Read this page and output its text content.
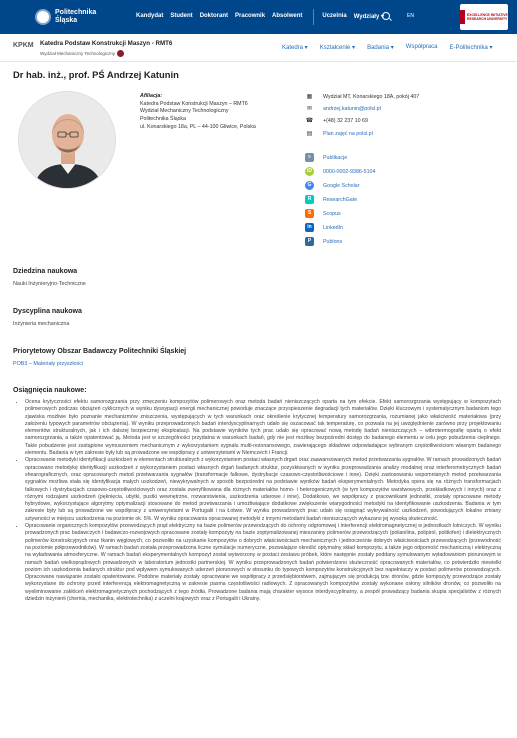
Politechnika
Śląska
Kandydat Student Doktorant Pracownik Absolwent	Uczelnia Wydziały ▾	EN	EXCELLENCE INITIATIVE RESEARCH UNIVERSITY
KPKM Katedra Podstaw Konstrukcji Maszyn - RMT6
Wydział Mechaniczny Technologiczny
Katedra ▾ Kształcenie ▾ Badania ▾ Współpraca E-Politechnika ▾
Dr hab. inż., prof. PŚ Andrzej Katunin
Afiliacja:
Katedra Podstaw Konstrukcji Maszyn – RMT6
Wydział Mechaniczny Technologiczny
Politechnika Śląska
ul. Konarskiego 18a, PL – 44-100 Gliwice, Polska
▦	Wydział MT, Konarskiego 18A, pokój 407
✉	andrzej.katunin@polsl.pl
☎ +(48) 32 237 10 69
▤	Plan zajęć na polsl.pl
≡	Publikacje
iD	0000-0002-9386-5104
G	Google Scholar
R	ResearchGate
S	Scopus
in	LinkedIn
P	Publons
Dziedzina naukowa
Nauki Inżynieryjno-Techniczne
Dyscyplina naukowa
Inżynieria mechaniczna
Priorytetowy Obszar Badawczy Politechniki Śląskiej
POB3 – Materiały przyszłości
Osiągnięcia naukowe:
• Ocena krytyczności efektu samorozgrzania przy zmęczeniu kompozytów polimerowych oraz metoda badań nieniszczących oparta na tym efekcie. Efekt samorozgrzania występujący w kompozytach polimerowych podczas obciążeń cyklicznych w wyniku dyssypacji energii mechanicznej powoduje znaczące przyspieszenie degradacji tych materiałów. Dzięki kluczowym i systematycznym badaniom tego zjawiska możliwe było poznanie mechanizmów zniszczenia, występujących w tych warunkach oraz określenie krytycznej temperatury samorozgrzania, rozumianej jako właściwość materiałowa (przy założeniu typowych parametrów obciążenia). W wyniku przeprowadzonych badań interdyscyplinarnych udało się oszacować tak temperaturę, co pozwala na jej uwzględnienie zarówno przy projektowaniu elementów strukturalnych, jak i ich dalszej bezpiecznej eksploatacji. Na podstawie wyników tych prac udało się opracować nową metodę badań nieniszczących – wibrotermografię opartą o efekt samorozgrzania, a także opatentować ją. Metoda jest w szczególności przydatna w warunkach badań, gdy nie jest możliwy bezpośredni dostęp do badanego elementu w celu jego pobudzenia cieplnego. Takie pobudzenie jest zastąpione wymuszeniem mechanicznym z wykorzystaniem sygnału multi-rezonansowego, zawierającego składowe odpowiadające wybranym częstotliwościom własnym badanego elementu. Badania w tym zakresie były lub są prowadzone we współpracy z uniwersytetami w Niemczech i Francji.
• Opracowanie metodyki identyfikacji uszkodzeń w elementach strukturalnych z wykorzystaniem postaci własnych drgań oraz zaawansowanych metod przetwarzania sygnałów. W ramach prowadzonych badań opracowano metodykę identyfikacji uszkodzeń z wykorzystaniem postaci własnych drgań badanych struktur, pozyskiwanych w wyniku przeprowadzania analizy modalnej oraz interferometrycznych badań shearograficznych, oraz opracowanych metod przetwarzania sygnałów (transformacje falkowe, dystrybucje czasowo-częstotliwościowe i inne). Dzięki zastosowaniu wspomnianych metod przetwarzania sygnałów możliwa stała się identyfikacja małych uszkodzeń, niewykrywalnych w sposób bezpośredni na podstawie wyników badań eksperymentalnych. Metodyka opera się na różnych transformacjach falkowych i dystrybucjach czasowo-częstotliwościowych oraz została zweryfikowana dla różnych materiałów homo- i heterogenicznych (w tym kompozytów warstwowych, przekładkowych i innych) oraz z różnymi rodzajami uszkodzeń (pęknięcia, ubytki, pustki wewnętrzne, rozwarstwienia, uszkodzenia udarowe i inne). Dodatkowo, we współpracy z pracownikami jednostki, zostały opracowane metody hybrydowe, wykorzystujące algorytmy optymalizacji stosowane do metod przetwarzania i umożliwiające dodatkowe zwiększenie wiarygodności metodyki na identyfikowanie uszkodzenia. Badania w tym zakresie były lub są prowadzone we współpracy z uniwersytetami w Portugalii i na Łotwie. W wyniku prowadzonych prac udało się osiągnąć wykrywalność uszkodzeń, powodujących lokalne zmiany sztywności w miejscu uszkodzenia na poziomie ok. 5%. W wyniku opracowania opracowanej metodyki z innymi metodami badań nieniszczących wykazano jej wysoką skuteczność.
• Opracowanie organicznych kompozytów przewodzących prąd elektryczny na bazie polimerów przewodzących do ochrony odgromowej i interferencji elektromagnetycznej w jednostkach lotniczych. W wyniku prowadzonych prac badawczych i badawczo-rozwojowych opracowane zostały kompozyty na bazie zoptymalizowanej mieszaniny polimerów przewodzących (polianilina, polipirol, politiofen) i dielektrycznych polimerów konstrukcyjnych oraz tkanin węglowych, co pozwoliło na uzyskanie kompozytów o dobrych właściwościach mechanicznych i jednocześnie dobrych właściwościach przewodzących (przewodność na poziomie półprzewodników). W ramach badań została przeprowadzona liczne symulacje numeryczne, pozwalające określić optymalny skład kompozytu, a także jego odporność mechaniczną i elektryczną na wyładowania atmosferyczne. W ramach badań eksperymentalnych kompozyt został wytworzony w postaci zestawu próbek, które następnie zostały poddany symulowanym wyładowaniom piorunowym w ramach badań wielkoprądowych prowadzonych w laboratorium jednostki partnerskiej. W wyniku przeprowadzonych badań potwierdzono skuteczność opracowanych materiałów, co potwierdziło niewielki poziom ich uszkodzenia badanych struktur pod wpływem symulowanych uderzeń piorunowych w stosunku do typowych kompozytów konstrukcyjnych bez napełniaczy w postaci polimerów przewodzących. Opracowane nawiązanie zostało opatentowane. Podobne materiały zostały opracowane we współpracy z przedsiębiorstwem, zajmującym się produkcją tzw. dronów, gdzie kompozyty przewodzące zostały wykorzystane do ochrony przed interferencją elektromagnetyczną w zakresie pasma częstotliwości radiowych. Z opracowanych kompozytów zostały wykonane osłony silników dronów, co pozwoliło na wyeliminowanie zakłóceń elektromagnetycznych pochodzących z tego źródła. Prowadzone badania mają charakter wysoce interdyscyplinarny, a zespół prowadzący badania skupia specjalistów z różnych dziedzin inżynierii (chemia, mechanika, elektrotechnika) z uczelni krajowych oraz z Portugalii i Ukrainy.
